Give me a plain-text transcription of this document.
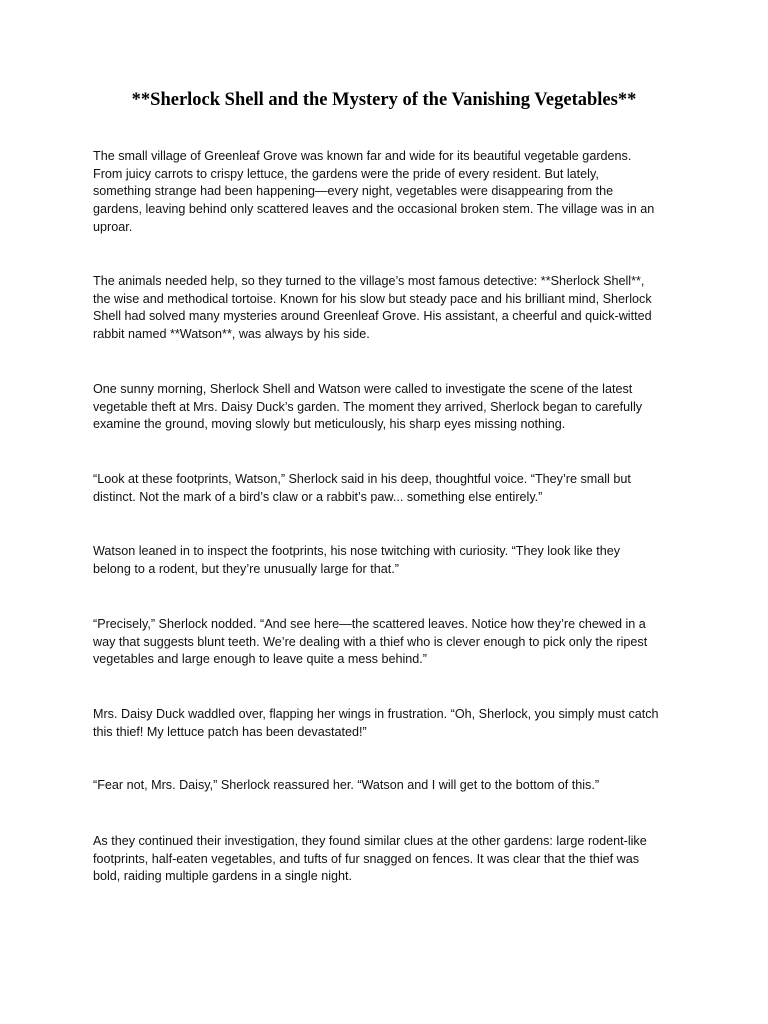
**Sherlock Shell and the Mystery of the Vanishing Vegetables**

The small village of Greenleaf Grove was known far and wide for its beautiful vegetable gardens.
From juicy carrots to crispy lettuce, the gardens were the pride of every resident. But lately,
something strange had been happening—every night, vegetables were disappearing from the
gardens, leaving behind only scattered leaves and the occasional broken stem. The village was in an
uproar.

The animals needed help, so they turned to the village’s most famous detective: **Sherlock Shell**,
the wise and methodical tortoise. Known for his slow but steady pace and his brilliant mind, Sherlock
Shell had solved many mysteries around Greenleaf Grove. His assistant, a cheerful and quick-witted
rabbit named **Watson**, was always by his side.

One sunny morning, Sherlock Shell and Watson were called to investigate the scene of the latest
vegetable theft at Mrs. Daisy Duck’s garden. The moment they arrived, Sherlock began to carefully
examine the ground, moving slowly but meticulously, his sharp eyes missing nothing.

“Look at these footprints, Watson,” Sherlock said in his deep, thoughtful voice. “They’re small but
distinct. Not the mark of a bird’s claw or a rabbit’s paw... something else entirely.”

Watson leaned in to inspect the footprints, his nose twitching with curiosity. “They look like they
belong to a rodent, but they’re unusually large for that.”

“Precisely,” Sherlock nodded. “And see here—the scattered leaves. Notice how they’re chewed in a
way that suggests blunt teeth. We’re dealing with a thief who is clever enough to pick only the ripest
vegetables and large enough to leave quite a mess behind.”

Mrs. Daisy Duck waddled over, flapping her wings in frustration. “Oh, Sherlock, you simply must catch
this thief! My lettuce patch has been devastated!”

“Fear not, Mrs. Daisy,” Sherlock reassured her. “Watson and I will get to the bottom of this.”

As they continued their investigation, they found similar clues at the other gardens: large rodent-like
footprints, half-eaten vegetables, and tufts of fur snagged on fences. It was clear that the thief was
bold, raiding multiple gardens in a single night.
